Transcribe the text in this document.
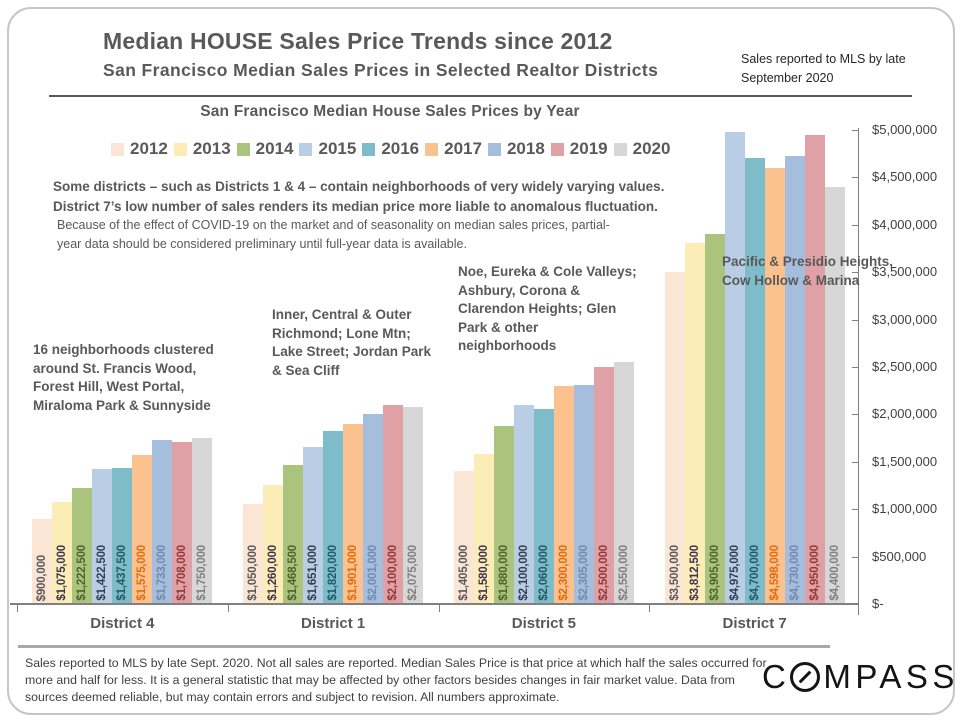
Median HOUSE Sales Price Trends since 2012
San Francisco Median Sales Prices in Selected Realtor Districts
Sales reported to MLS by late September 2020
San Francisco Median House Sales Prices by Year
2012 2013 2014 2015 2016 2017 2018 2019 2020
Some districts – such as Districts 1 & 4 – contain neighborhoods of very widely varying values.
District 7’s low number of sales renders its median price more liable to anomalous fluctuation.
Because of the effect of COVID-19 on the market and of seasonality on median sales prices, partial-year data should be considered preliminary until full-year data is available.
$900,000 $1,075,000 $1,222,500 $1,422,500 $1,437,500 $1,575,000 $1,733,000 $1,708,000 $1,750,000	$1,050,000 $1,260,000 $1,468,500 $1,651,000 $1,820,000 $1,901,000 $2,001,000 $2,100,000 $2,075,000	$1,405,000 $1,580,000 $1,880,000 $2,100,000 $2,060,000 $2,300,000 $2,305,000 $2,500,000 $2,550,000	$3,500,000 $3,812,500 $3,905,000 $4,975,000 $4,700,000 $4,598,000 $4,730,000 $4,950,000 $4,400,000
$-
$500,000
$1,000,000
$1,500,000
$2,000,000
$2,500,000
$3,000,000
$3,500,000
$4,000,000
$4,500,000
$5,000,000
District 4	District 1	District 5	District 7
16 neighborhoods clustered around St. Francis Wood, Forest Hill, West Portal, Miraloma Park & Sunnyside
Inner, Central & Outer Richmond; Lone Mtn; Lake Street; Jordan Park & Sea Cliff
Noe, Eureka & Cole Valleys; Ashbury, Corona & Clarendon Heights; Glen Park & other neighborhoods
Pacific & Presidio Heights, Cow Hollow & Marina
Sales reported to MLS by late Sept. 2020. Not all sales are reported. Median Sales Price is that price at which half the sales occurred for more and half for less. It is a general statistic that may be affected by other factors besides changes in fair market value. Data from sources deemed reliable, but may contain errors and subject to revision. All numbers approximate.
C MPASS
